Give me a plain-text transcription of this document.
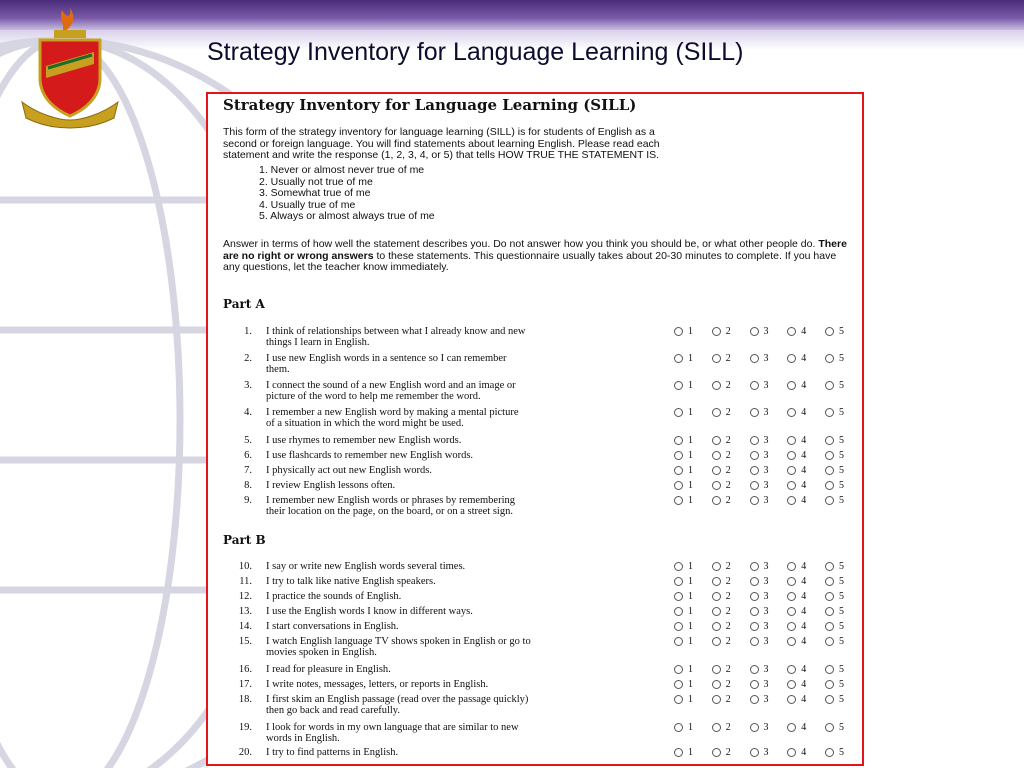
Strategy Inventory for Language Learning (SILL)
Strategy Inventory for Language Learning (SILL)
This form of the strategy inventory for language learning (SILL) is for students of English as a
second or foreign language. You will find statements about learning English. Please read each
statement and write the response (1, 2, 3, 4, or 5) that tells HOW TRUE THE STATEMENT IS.
1. Never or almost never true of me
2. Usually not true of me
3. Somewhat true of me
4. Usually true of me
5. Always or almost always true of me
Answer in terms of how well the statement describes you. Do not answer how you think you should be, or what other people do. There are no right or wrong answers to these statements. This questionnaire usually takes about 20-30 minutes to complete. If you have any questions, let the teacher know immediately.
Part A
1. I think of relationships between what I already know and new
things I learn in English.
1	2	3	4	5
2. I use new English words in a sentence so I can remember
them.
1	2	3	4	5
3. I connect the sound of a new English word and an image or
picture of the word to help me remember the word.
1	2	3	4	5
4. I remember a new English word by making a mental picture
of a situation in which the word might be used.
1	2	3	4	5
5. I use rhymes to remember new English words.	1	2	3	4	5
6. I use flashcards to remember new English words.	1	2	3	4	5
7. I physically act out new English words.	1	2	3	4	5
8. I review English lessons often.	1	2	3	4	5
9. I remember new English words or phrases by remembering
their location on the page, on the board, or on a street sign.
1	2	3	4	5
Part B
10. I say or write new English words several times.	1	2	3	4	5
11. I try to talk like native English speakers.	1	2	3	4	5
12. I practice the sounds of English.	1	2	3	4	5
13. I use the English words I know in different ways.	1	2	3	4	5
14. I start conversations in English.	1	2	3	4	5
15. I watch English language TV shows spoken in English or go to
movies spoken in English.
1	2	3	4	5
16. I read for pleasure in English.	1	2	3	4	5
17. I write notes, messages, letters, or reports in English.	1	2	3	4	5
18. I first skim an English passage (read over the passage quickly)
then go back and read carefully.
1	2	3	4	5
19. I look for words in my own language that are similar to new
words in English.
1	2	3	4	5
20. I try to find patterns in English.	1	2	3	4	5
